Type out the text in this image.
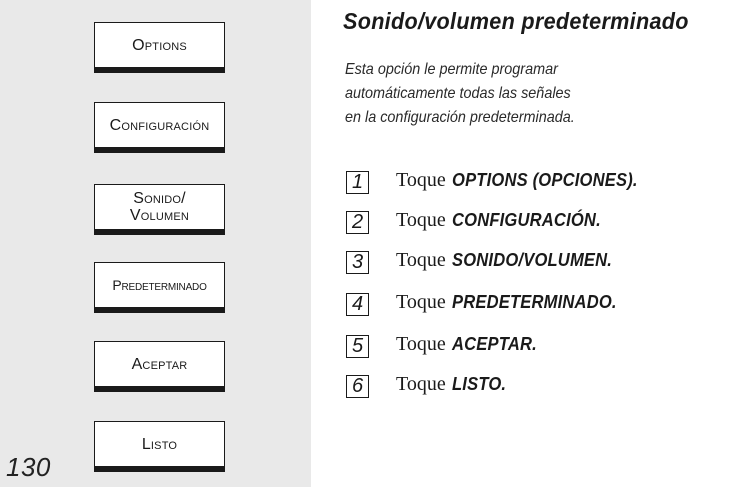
Options
Configuración
Sonido/
Volumen
Predeterminado
Aceptar
Listo
130
Sonido/volumen predeterminado
Esta opción le permite programar
automáticamente todas las señales
en la configuración predeterminada.
1 Toque OPTIONS (OPCIONES).
2 Toque CONFIGURACIÓN.
3 Toque SONIDO/VOLUMEN.
4 Toque PREDETERMINADO.
5 Toque ACEPTAR.
6 Toque LISTO.
